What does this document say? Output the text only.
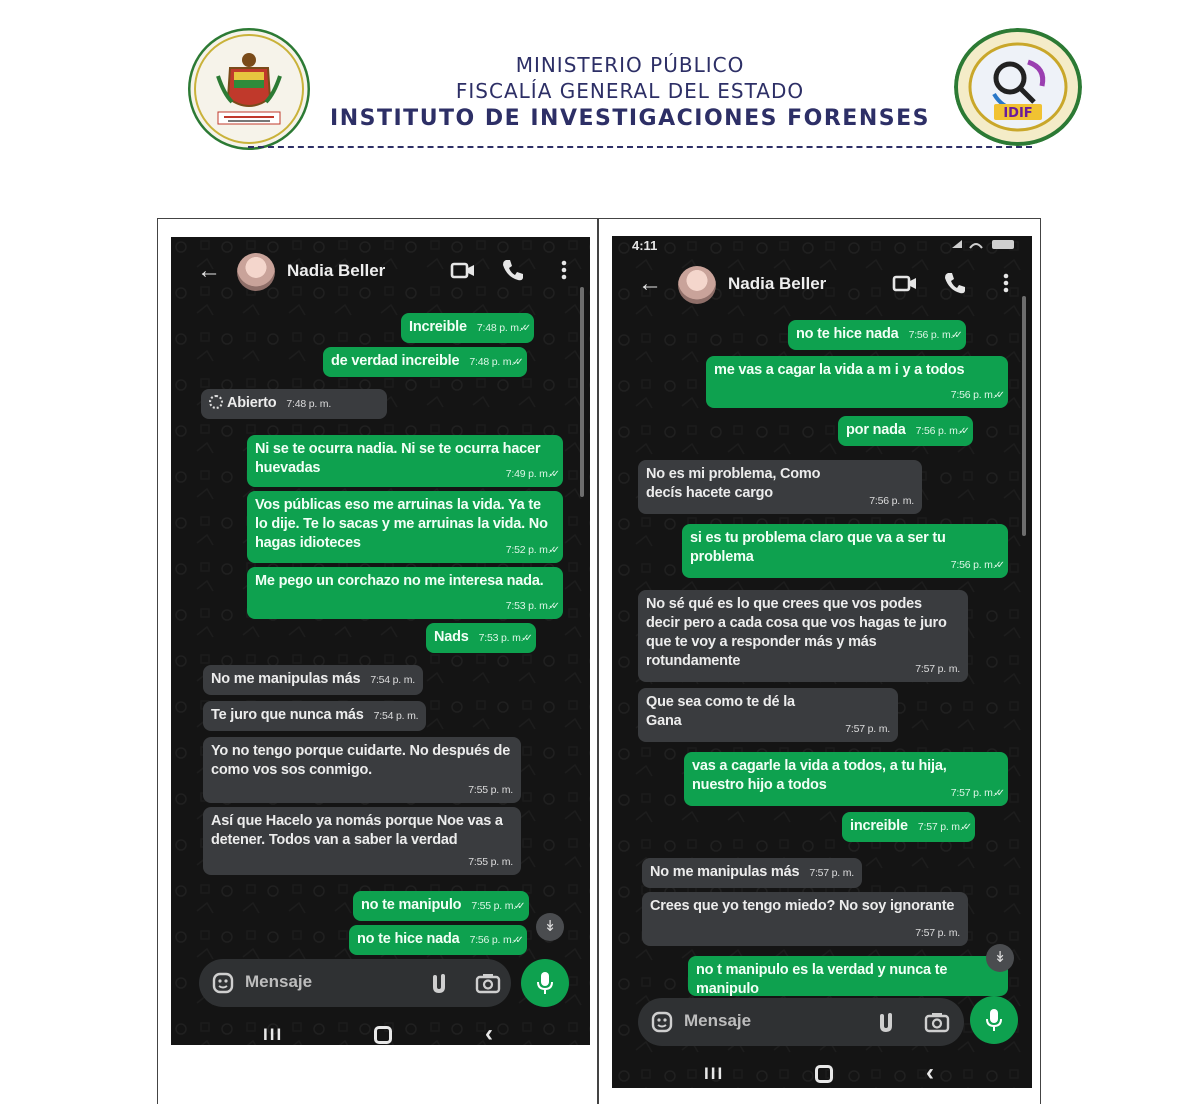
MINISTERIO PÚBLICO
FISCALÍA GENERAL DEL ESTADO
INSTITUTO DE INVESTIGACIONES FORENSES	IDIF
←	Nadia Beller
Increible 7:48 p. m. ✓✓
de verdad increible 7:48 p. m. ✓✓
Abierto 7:48 p. m.
Ni se te ocurra nadia. Ni se te ocurra hacer huevadas	7:49 p. m. ✓✓
Vos públicas eso me arruinas la vida. Ya te lo dije. Te lo sacas y me arruinas la vida. No hagas idioteces	7:52 p. m. ✓✓
Me pego un corchazo no me interesa nada.
7:53 p. m. ✓✓
Nads 7:53 p. m. ✓✓
No me manipulas más 7:54 p. m.
Te juro que nunca más 7:54 p. m.
Yo no tengo porque cuidarte. No después de como vos sos conmigo.
7:55 p. m.
Así que Hacelo ya nomás porque Noe vas a detener. Todos van a saber la verdad
7:55 p. m.
no te manipulo 7:55 p. m. ✓✓
no te hice nada 7:56 p. m. ✓✓
↡
Mensaje
III	‹
4:11
←	Nadia Beller
no te hice nada 7:56 p. m. ✓✓
me vas a cagar la vida a m i y a todos
7:56 p. m. ✓✓
por nada 7:56 p. m. ✓✓
No es mi problema, Como decís hacete cargo	7:56 p. m.
si es tu problema claro que va a ser tu problema	7:56 p. m. ✓✓
No sé qué es lo que crees que vos podes decir pero a cada cosa que vos hagas te juro que te voy a responder más y más rotundamente	7:57 p. m.
Que sea como te dé la Gana	7:57 p. m.
vas a cagarle la vida a todos, a tu hija, nuestro hijo a todos	7:57 p. m. ✓✓
increible 7:57 p. m. ✓✓
No me manipulas más 7:57 p. m.
Crees que yo tengo miedo? No soy ignorante
7:57 p. m.
no t manipulo es la verdad y nunca te manipulo
↡
Mensaje
III	‹
